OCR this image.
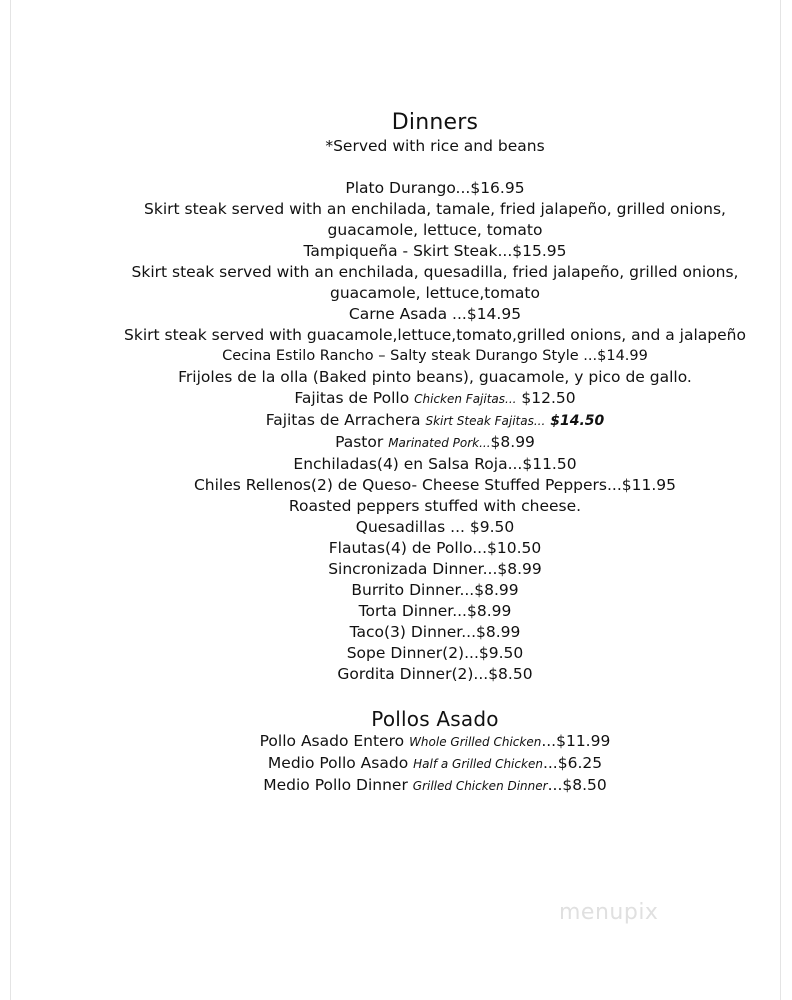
Dinners
*Served with rice and beans
Plato Durango...$16.95
Skirt steak served with an enchilada, tamale, fried jalapeño, grilled onions,
guacamole, lettuce, tomato
Tampiqueña - Skirt Steak...$15.95
Skirt steak served with an enchilada, quesadilla, fried jalapeño, grilled onions,
guacamole, lettuce,tomato
Carne Asada ...$14.95
Skirt steak served with guacamole,lettuce,tomato,grilled onions, and a jalapeño
Cecina Estilo Rancho – Salty steak Durango Style ...$14.99
Frijoles de la olla (Baked pinto beans), guacamole, y pico de gallo.
Fajitas de Pollo Chicken Fajitas... $12.50
Fajitas de Arrachera Skirt Steak Fajitas... $14.50
Pastor Marinated Pork...$8.99
Enchiladas(4) en Salsa Roja...$11.50
Chiles Rellenos(2) de Queso- Cheese Stuffed Peppers...$11.95
Roasted peppers stuffed with cheese.
Quesadillas ... $9.50
Flautas(4) de Pollo...$10.50
Sincronizada Dinner...$8.99
Burrito Dinner...$8.99
Torta Dinner...$8.99
Taco(3) Dinner...$8.99
Sope Dinner(2)...$9.50
Gordita Dinner(2)...$8.50
Pollos Asado
Pollo Asado Entero Whole Grilled Chicken...$11.99
Medio Pollo Asado Half a Grilled Chicken...$6.25
Medio Pollo Dinner Grilled Chicken Dinner...$8.50
menupix
